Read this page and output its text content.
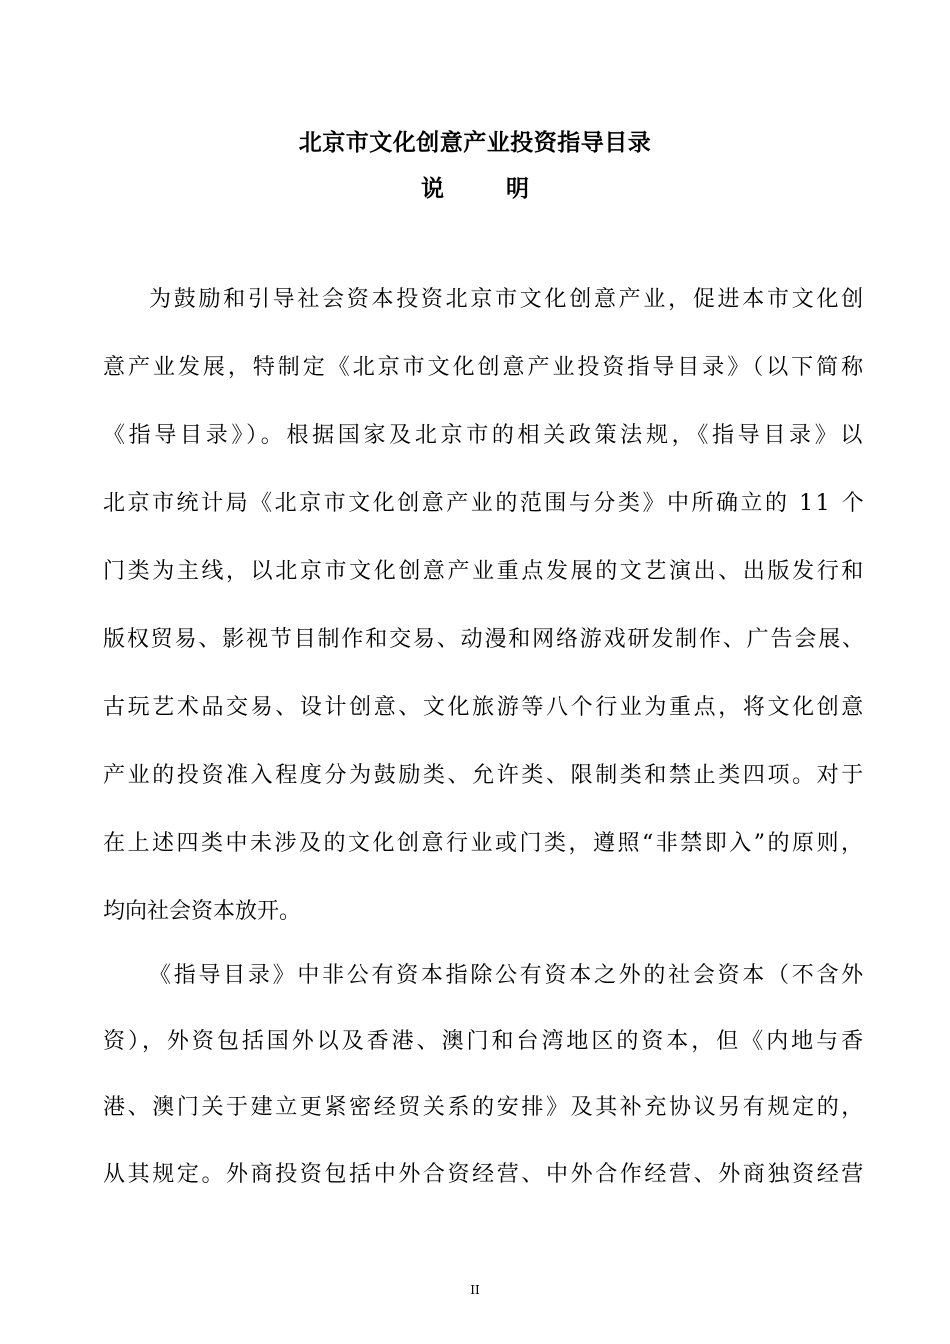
北京市文化创意产业投资指导目录
说	明

为鼓励和引导社会资本投资北京市文化创意产业，促进本市文化创

意产业发展，特制定《北京市文化创意产业投资指导目录》（以下简称

《指导目录》）。根据国家及北京市的相关政策法规，《指导目录》以

北京市统计局《北京市文化创意产业的范围与分类》中所确立的 11 个

门类为主线，以北京市文化创意产业重点发展的文艺演出、出版发行和

版权贸易、影视节目制作和交易、动漫和网络游戏研发制作、广告会展、

古玩艺术品交易、设计创意、文化旅游等八个行业为重点，将文化创意

产业的投资准入程度分为鼓励类、允许类、限制类和禁止类四项。对于

在上述四类中未涉及的文化创意行业或门类，遵照“非禁即入”的原则，

均向社会资本放开。

《指导目录》中非公有资本指除公有资本之外的社会资本（不含外

资），外资包括国外以及香港、澳门和台湾地区的资本，但《内地与香

港、澳门关于建立更紧密经贸关系的安排》及其补充协议另有规定的，

从其规定。外商投资包括中外合资经营、中外合作经营、外商独资经营

II
